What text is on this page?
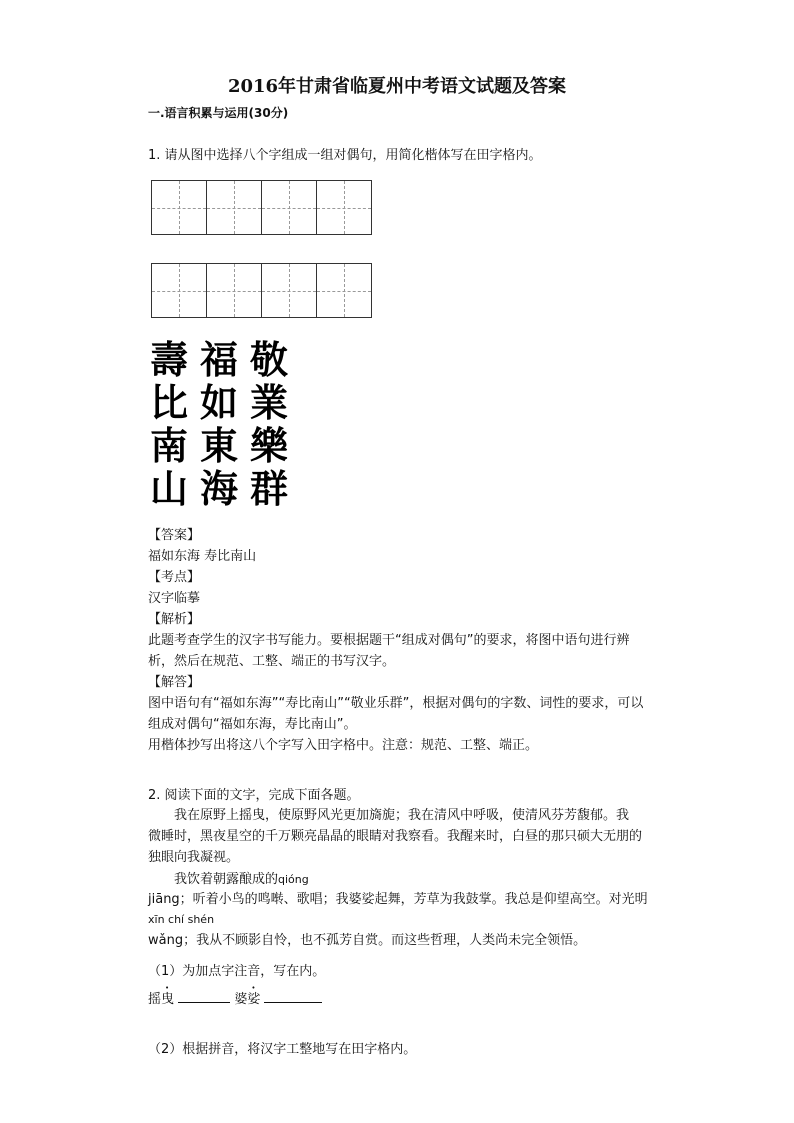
2016年甘肃省临夏州中考语文试题及答案
一.语言积累与运用(30分)
1. 请从图中选择八个字组成一组对偶句，用简化楷体写在田字格内。
壽
比
南
山
福
如
東
海
敬
業
樂
群
【答案】
福如东海 寿比南山
【考点】
汉字临摹
【解析】
此题考查学生的汉字书写能力。要根据题干“组成对偶句”的要求，将图中语句进行辨
析，然后在规范、工整、端正的书写汉字。
【解答】
图中语句有“福如东海”“寿比南山”“敬业乐群”，根据对偶句的字数、词性的要求，可以
组成对偶句“福如东海，寿比南山”。
用楷体抄写出将这八个字写入田字格中。注意：规范、工整、端正。
2. 阅读下面的文字，完成下面各题。
我在原野上摇曳，使原野风光更加旖旎；我在清风中呼吸，使清风芬芳馥郁。我
微睡时，黑夜星空的千万颗亮晶晶的眼睛对我察看。我醒来时，白昼的那只硕大无朋的
独眼向我凝视。
我饮着朝露酿成的qióng
jiāng；听着小鸟的鸣啭、歌唱；我婆娑起舞，芳草为我鼓掌。我总是仰望高空。对光明
xīn chí shén
wǎng；我从不顾影自怜，也不孤芳自赏。而这些哲理，人类尚未完全领悟。
（1）为加点字注音，写在内。
摇曳	婆娑
（2）根据拼音，将汉字工整地写在田字格内。
